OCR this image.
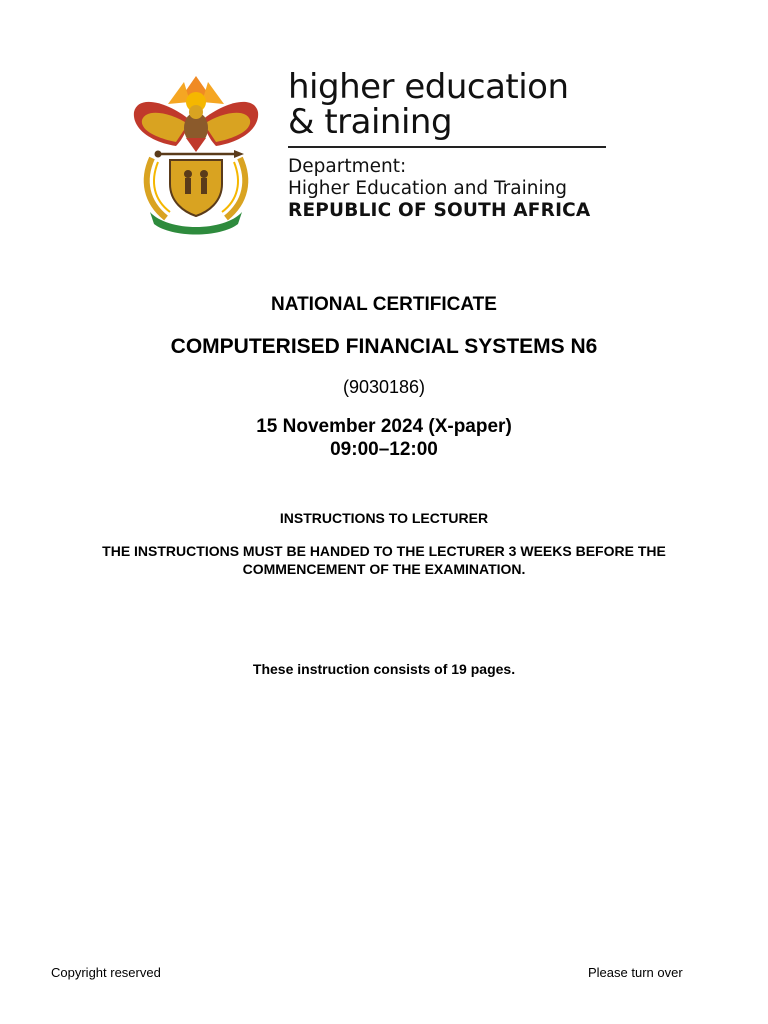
higher education
& training
Department:
Higher Education and Training
REPUBLIC OF SOUTH AFRICA
NATIONAL CERTIFICATE
COMPUTERISED FINANCIAL SYSTEMS N6
(9030186)
15 November 2024 (X-paper)
09:00–12:00
INSTRUCTIONS TO LECTURER
THE INSTRUCTIONS MUST BE HANDED TO THE LECTURER 3 WEEKS BEFORE THE
COMMENCEMENT OF THE EXAMINATION.
These instruction consists of 19 pages.
Copyright reserved	Please turn over
